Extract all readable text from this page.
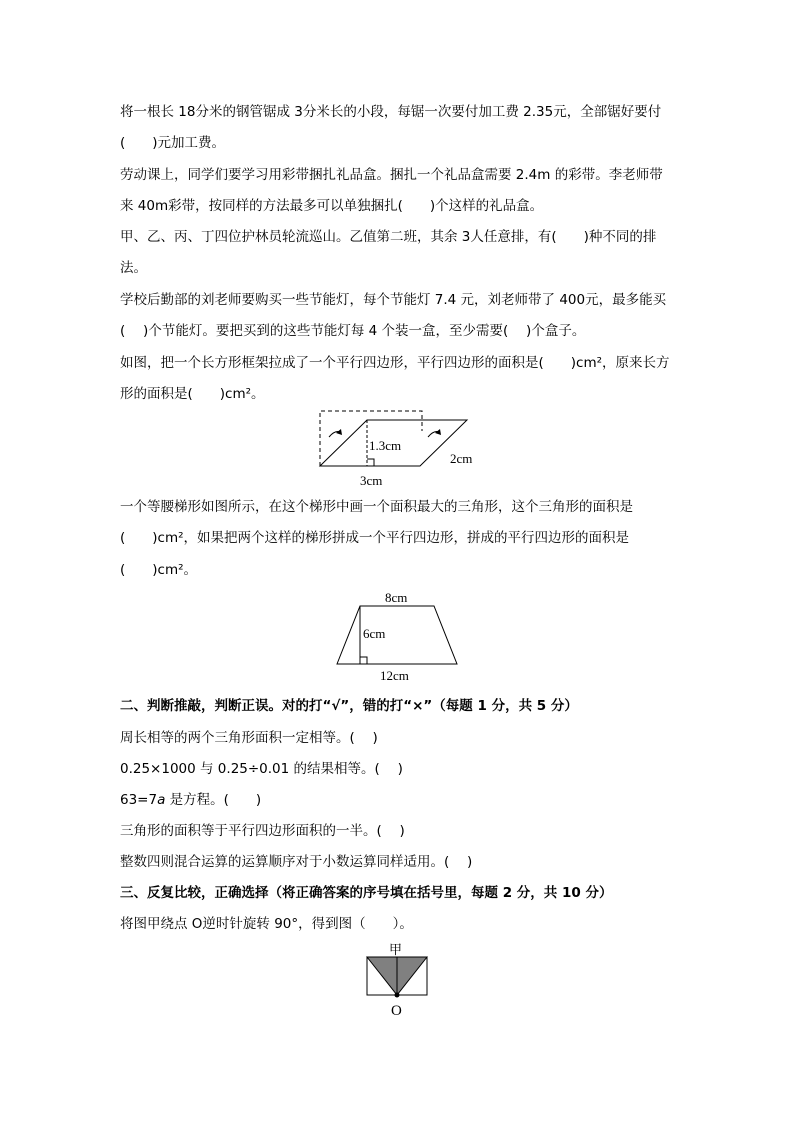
将一根长 18分米的钢管锯成 3分米长的小段，每锯一次要付加工费 2.35元，全部锯好要付
(　　)元加工费。
劳动课上，同学们要学习用彩带捆扎礼品盒。捆扎一个礼品盒需要 2.4m 的彩带。李老师带
来 40m彩带，按同样的方法最多可以单独捆扎(　　)个这样的礼品盒。
甲、乙、丙、丁四位护林员轮流巡山。乙值第二班，其余 3人任意排，有(　　)种不同的排
法。
学校后勤部的刘老师要购买一些节能灯，每个节能灯 7.4 元，刘老师带了 400元，最多能买
(　 )个节能灯。要把买到的这些节能灯每 4 个装一盒，至少需要(　 )个盒子。
如图，把一个长方形框架拉成了一个平行四边形，平行四边形的面积是(　　)cm²，原来长方
形的面积是(　　)cm²。
1.3cm
2cm
3cm
一个等腰梯形如图所示，在这个梯形中画一个面积最大的三角形，这个三角形的面积是
(　　)cm²，如果把两个这样的梯形拼成一个平行四边形，拼成的平行四边形的面积是
(　　)cm²。
8cm
6cm
12cm
二、判断推敲，判断正误。对的打“√”，错的打“×”（每题 1 分，共 5 分）
周长相等的两个三角形面积一定相等。(　 )
0.25×1000 与 0.25÷0.01 的结果相等。(　 )
63=7a 是方程。(　　)
三角形的面积等于平行四边形面积的一半。(　 )
整数四则混合运算的运算顺序对于小数运算同样适用。(　 )
三、反复比较，正确选择（将正确答案的序号填在括号里，每题 2 分，共 10 分）
将图甲绕点 O逆时针旋转 90°，得到图（　　）。
甲
O
